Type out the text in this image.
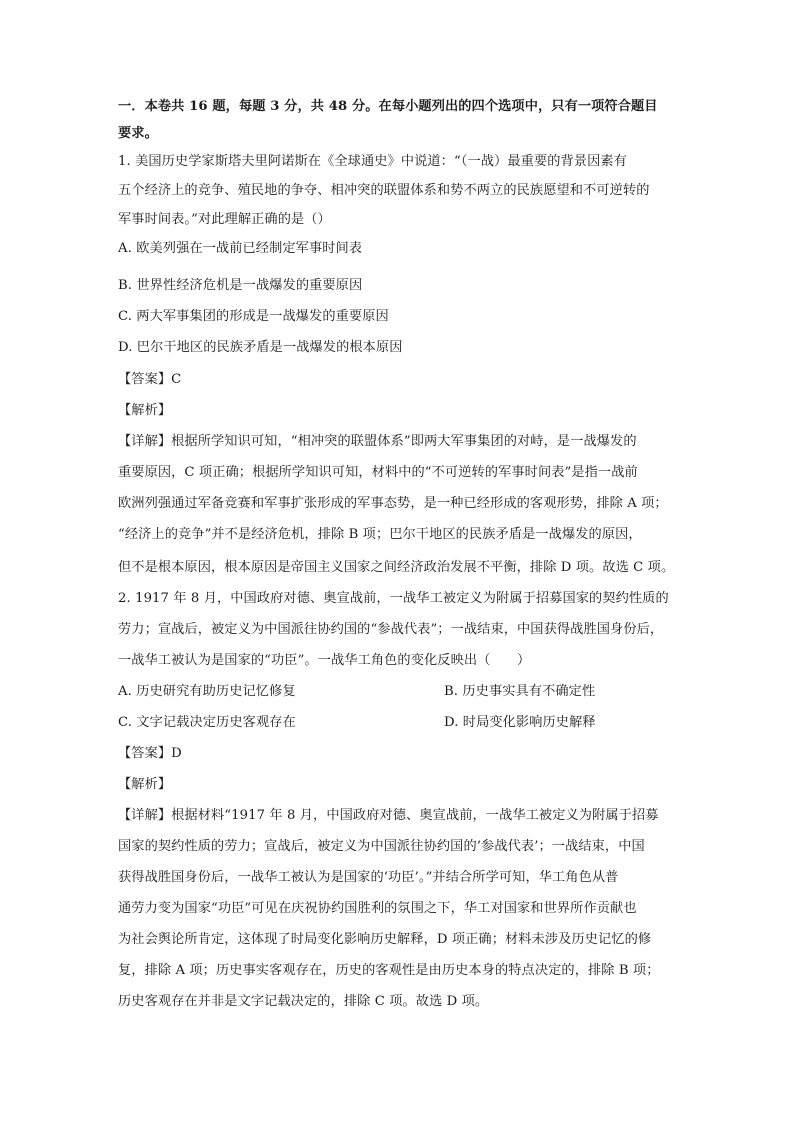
一．本卷共 16 题，每题 3 分，共 48 分。在每小题列出的四个选项中，只有一项符合题目
要求。
1. 美国历史学家斯塔夫里阿诺斯在《全球通史》中说道：“（一战）最重要的背景因素有
五个经济上的竞争、殖民地的争夺、相冲突的联盟体系和势不两立的民族愿望和不可逆转的
军事时间表。”对此理解正确的是（）
A. 欧美列强在一战前已经制定军事时间表
B. 世界性经济危机是一战爆发的重要原因
C. 两大军事集团的形成是一战爆发的重要原因
D. 巴尔干地区的民族矛盾是一战爆发的根本原因
【答案】C
【解析】
【详解】根据所学知识可知，“相冲突的联盟体系”即两大军事集团的对峙，是一战爆发的
重要原因，C 项正确；根据所学知识可知，材料中的“不可逆转的军事时间表”是指一战前
欧洲列强通过军备竞赛和军事扩张形成的军事态势，是一种已经形成的客观形势，排除 A 项；
“经济上的竞争”并不是经济危机，排除 B 项；巴尔干地区的民族矛盾是一战爆发的原因，
但不是根本原因，根本原因是帝国主义国家之间经济政治发展不平衡，排除 D 项。故选 C 项。
2. 1917 年 8 月，中国政府对德、奥宣战前，一战华工被定义为附属于招募国家的契约性质的
劳力；宣战后，被定义为中国派往协约国的“参战代表”；一战结束，中国获得战胜国身份后，
一战华工被认为是国家的“功臣”。一战华工角色的变化反映出（　　）
A. 历史研究有助历史记忆修复	B. 历史事实具有不确定性
C. 文字记载决定历史客观存在	D. 时局变化影响历史解释
【答案】D
【解析】
【详解】根据材料“1917 年 8 月，中国政府对德、奥宣战前，一战华工被定义为附属于招募
国家的契约性质的劳力；宣战后，被定义为中国派往协约国的‘参战代表’；一战结束，中国
获得战胜国身份后，一战华工被认为是国家的‘功臣’。”并结合所学可知，华工角色从普
通劳力变为国家“功臣”可见在庆祝协约国胜利的氛围之下，华工对国家和世界所作贡献也
为社会舆论所肯定，这体现了时局变化影响历史解释，D 项正确；材料未涉及历史记忆的修
复，排除 A 项；历史事实客观存在，历史的客观性是由历史本身的特点决定的，排除 B 项；
历史客观存在并非是文字记载决定的，排除 C 项。故选 D 项。
